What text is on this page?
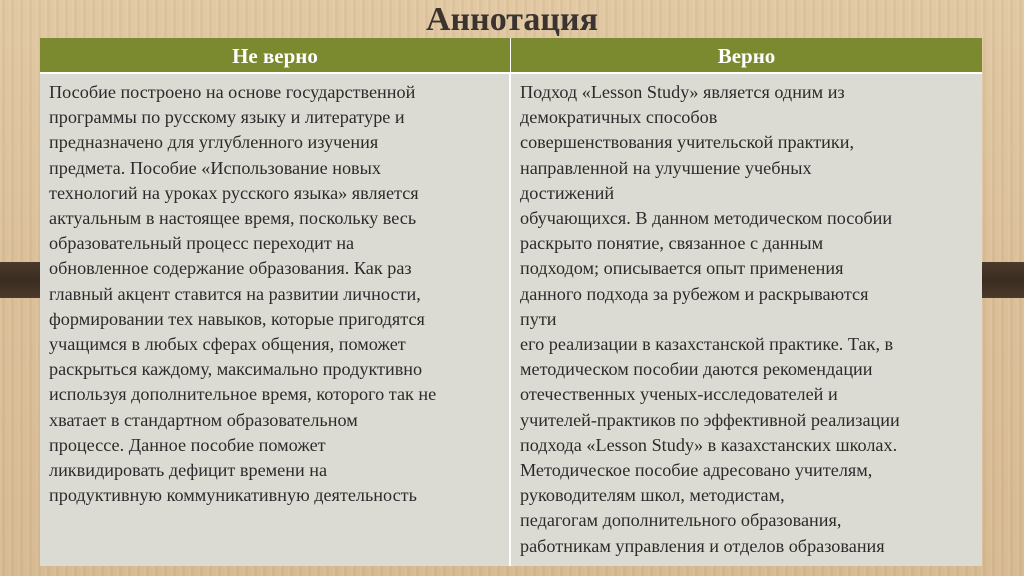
Аннотация
Не верно	Верно
Пособие построено на основе государственной
программы по русскому языку и литературе и
предназначено для углубленного изучения
предмета. Пособие «Использование новых
технологий на уроках русского языка» является
актуальным в настоящее время, поскольку весь
образовательный процесс переходит на
обновленное содержание образования. Как раз
главный акцент ставится на развитии личности,
формировании тех навыков, которые пригодятся
учащимся в любых сферах общения, поможет
раскрыться каждому, максимально продуктивно
используя дополнительное время, которого так не
хватает в стандартном образовательном
процессе. Данное пособие поможет
ликвидировать дефицит времени на
продуктивную коммуникативную деятельность
Подход «Lesson Study» является одним из
демократичных способов
совершенствования учительской практики,
направленной на улучшение учебных
достижений
обучающихся. В данном методическом пособии
раскрыто понятие, связанное с данным
подходом; описывается опыт применения
данного подхода за рубежом и раскрываются
пути
его реализации в казахстанской практике. Так, в
методическом пособии даются рекомендации
отечественных ученых-исследователей и
учителей-практиков по эффективной реализации
подхода «Lesson Study» в казахстанских школах.
Методическое пособие адресовано учителям,
руководителям школ, методистам,
педагогам дополнительного образования,
работникам управления и отделов образования
